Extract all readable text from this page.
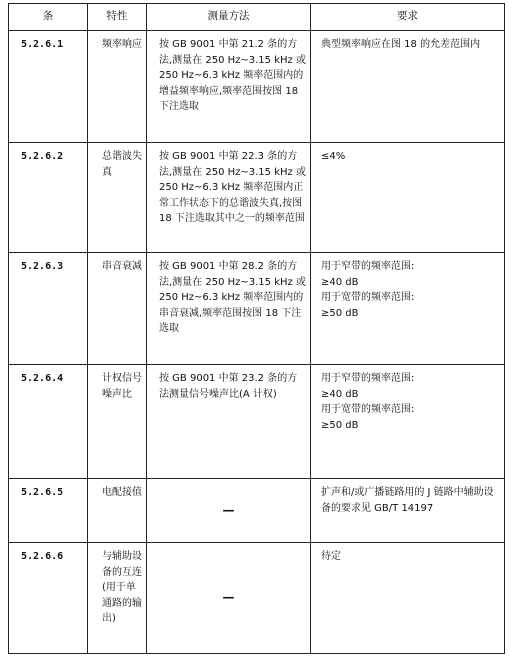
条	特性	测量方法	要求
5.2.6.1	频率响应	按 GB 9001 中第 21.2 条的方法,测量在 250 Hz~3.15 kHz 或 250 Hz~6.3 kHz 频率范围内的增益频率响应,频率范围按图 18 下注选取	典型频率响应在图 18 的允差范围内

5.2.6.2	总谐波失真	按 GB 9001 中第 22.3 条的方法,测量在 250 Hz~3.15 kHz 或 250 Hz~6.3 kHz 频率范围内正常工作状态下的总谐波失真,按图 18 下注选取其中之一的频率范围	≤4%

5.2.6.3	串音衰减	按 GB 9001 中第 28.2 条的方法,测量在 250 Hz~3.15 kHz 或 250 Hz~6.3 kHz 频率范围内的串音衰减,频率范围按图 18 下注选取	用于窄带的频率范围:
≥40 dB
用于宽带的频率范围:
≥50 dB

5.2.6.4	计权信号噪声比	按 GB 9001 中第 23.2 条的方法测量信号噪声比(A 计权)	用于窄带的频率范围:
≥40 dB
用于宽带的频率范围:
≥50 dB

5.2.6.5	电配接值	—	扩声和/或广播链路用的 J 链路中辅助设备的要求见 GB/T 14197

5.2.6.6	与辅助设备的互连(用于单通路的输出)	—	待定
